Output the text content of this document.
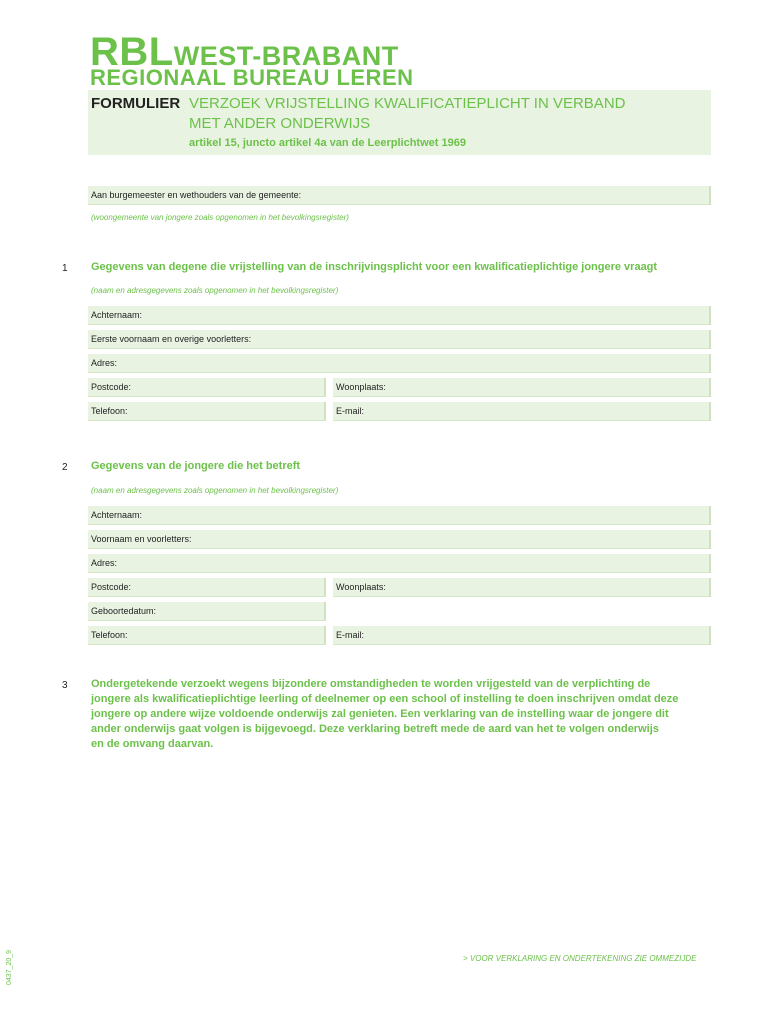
RBLWEST-BRABANT
REGIONAAL BUREAU LEREN
FORMULIER VERZOEK VRIJSTELLING KWALIFICATIEPLICHT IN VERBAND
MET ANDER ONDERWIJS
artikel 15, juncto artikel 4a van de Leerplichtwet 1969
Aan burgemeester en wethouders van de gemeente:
(woongemeente van jongere zoals opgenomen in het bevolkingsregister)
1 Gegevens van degene die vrijstelling van de inschrijvingsplicht voor een kwalificatieplichtige jongere vraagt
(naam en adresgegevens zoals opgenomen in het bevolkingsregister)
Achternaam:
Eerste voornaam en overige voorletters:
Adres:
Postcode:	Woonplaats:
Telefoon:	E-mail:
2 Gegevens van de jongere die het betreft
(naam en adresgegevens zoals opgenomen in het bevolkingsregister)
Achternaam:
Voornaam en voorletters:
Adres:
Postcode:	Woonplaats:
Geboortedatum:
Telefoon:	E-mail:
3 Ondergetekende verzoekt wegens bijzondere omstandigheden te worden vrijgesteld van de verplichting de
jongere als kwalificatieplichtige leerling of deelnemer op een school of instelling te doen inschrijven omdat deze
jongere op andere wijze voldoende onderwijs zal genieten. Een verklaring van de instelling waar de jongere dit
ander onderwijs gaat volgen is bijgevoegd. Deze verklaring betreft mede de aard van het te volgen onderwijs
en de omvang daarvan.
> VOOR VERKLARING EN ONDERTEKENING ZIE OMMEZIJDE
0437_20_9
